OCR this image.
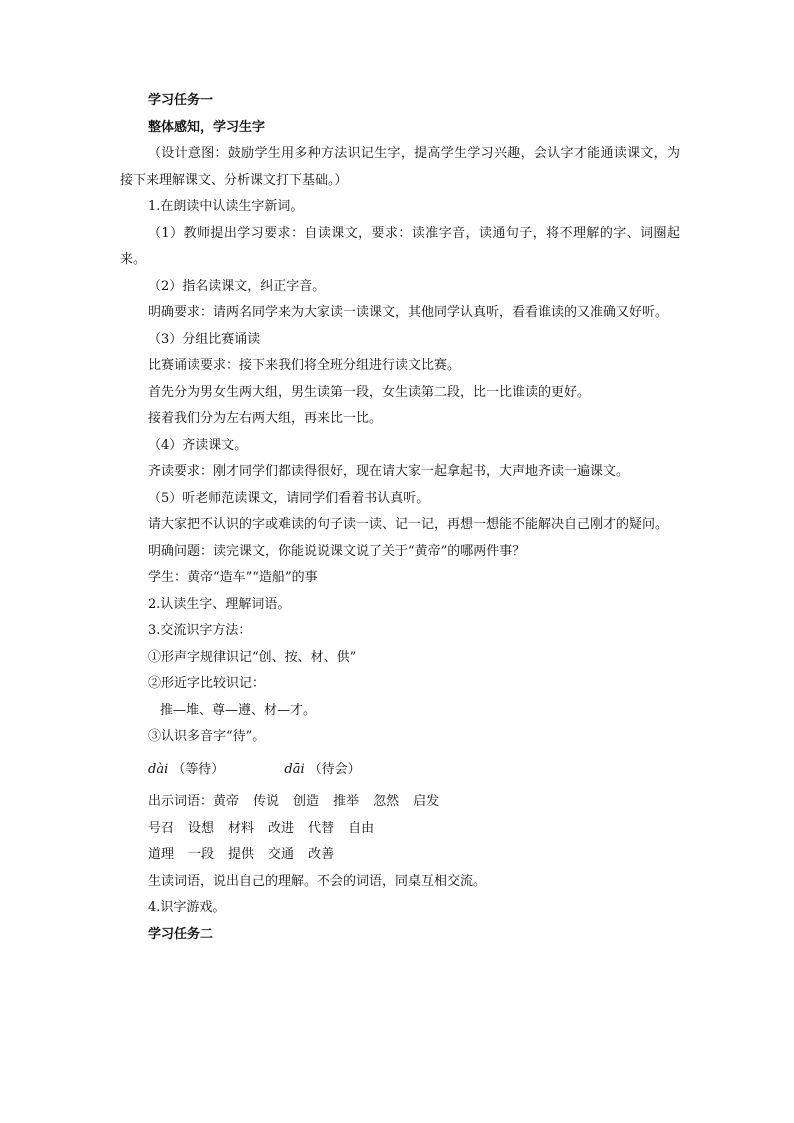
学习任务一

整体感知，学习生字

（设计意图：鼓励学生用多种方法识记生字，提高学生学习兴趣，会认字才能通读课文，为接下来理解课文、分析课文打下基础。）

1.在朗读中认读生字新词。

（1）教师提出学习要求：自读课文，要求：读准字音，读通句子，将不理解的字、词圈起来。

（2）指名读课文，纠正字音。

明确要求：请两名同学来为大家读一读课文，其他同学认真听，看看谁读的又准确又好听。

（3）分组比赛诵读

比赛诵读要求：接下来我们将全班分组进行读文比赛。

首先分为男女生两大组，男生读第一段，女生读第二段，比一比谁读的更好。

接着我们分为左右两大组，再来比一比。

（4）齐读课文。

齐读要求：刚才同学们都读得很好，现在请大家一起拿起书，大声地齐读一遍课文。

（5）听老师范读课文，请同学们看着书认真听。

请大家把不认识的字或难读的句子读一读、记一记，再想一想能不能解决自己刚才的疑问。

明确问题：读完课文，你能说说课文说了关于“黄帝”的哪两件事？

学生：黄帝“造车”“造船”的事

2.认读生字、理解词语。

3.交流识字方法：

①形声字规律识记“创、按、材、供”

②形近字比较识记：

推—堆、尊—遵、材—才。

③认识多音字“待”。

dài （等待）	dāi （待会）

出示词语：黄帝 传说 创造 推举 忽然 启发

号召 设想 材料 改进 代替 自由

道理 一段 提供 交通 改善

生读词语，说出自己的理解。不会的词语，同桌互相交流。

4.识字游戏。

学习任务二
